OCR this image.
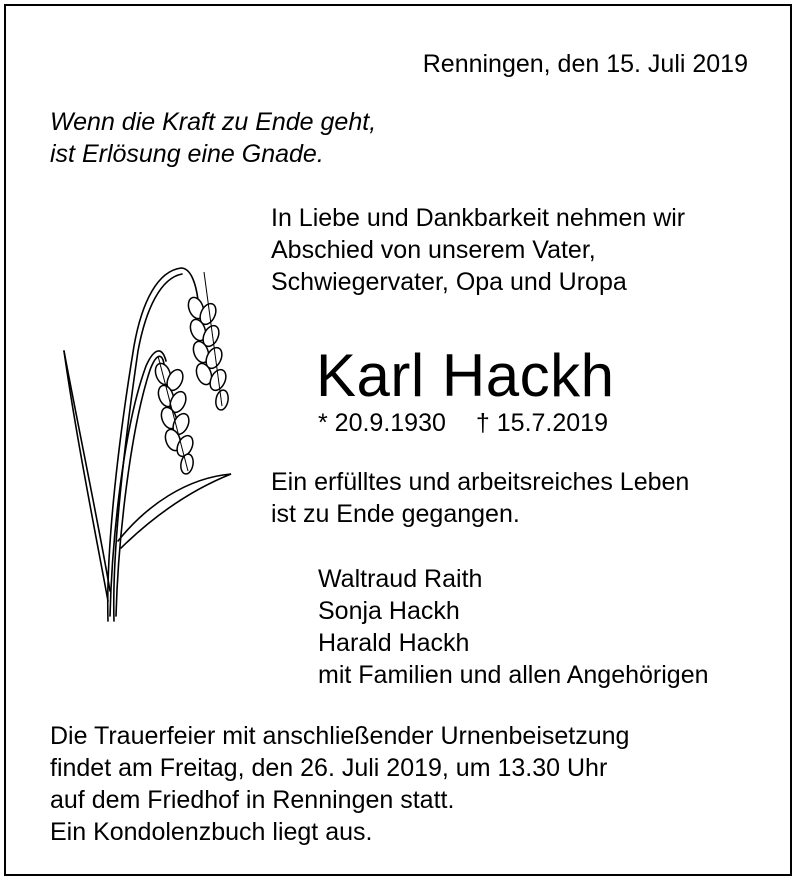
Renningen, den 15. Juli 2019
Wenn die Kraft zu Ende geht,
ist Erlösung eine Gnade.
In Liebe und Dankbarkeit nehmen wir
Abschied von unserem Vater,
Schwiegervater, Opa und Uropa
Karl Hackh
* 20.9.1930 † 15.7.2019
Ein erfülltes und arbeitsreiches Leben
ist zu Ende gegangen.
Waltraud Raith
Sonja Hackh
Harald Hackh
mit Familien und allen Angehörigen
Die Trauerfeier mit anschließender Urnenbeisetzung
findet am Freitag, den 26. Juli 2019, um 13.30 Uhr
auf dem Friedhof in Renningen statt.
Ein Kondolenzbuch liegt aus.
